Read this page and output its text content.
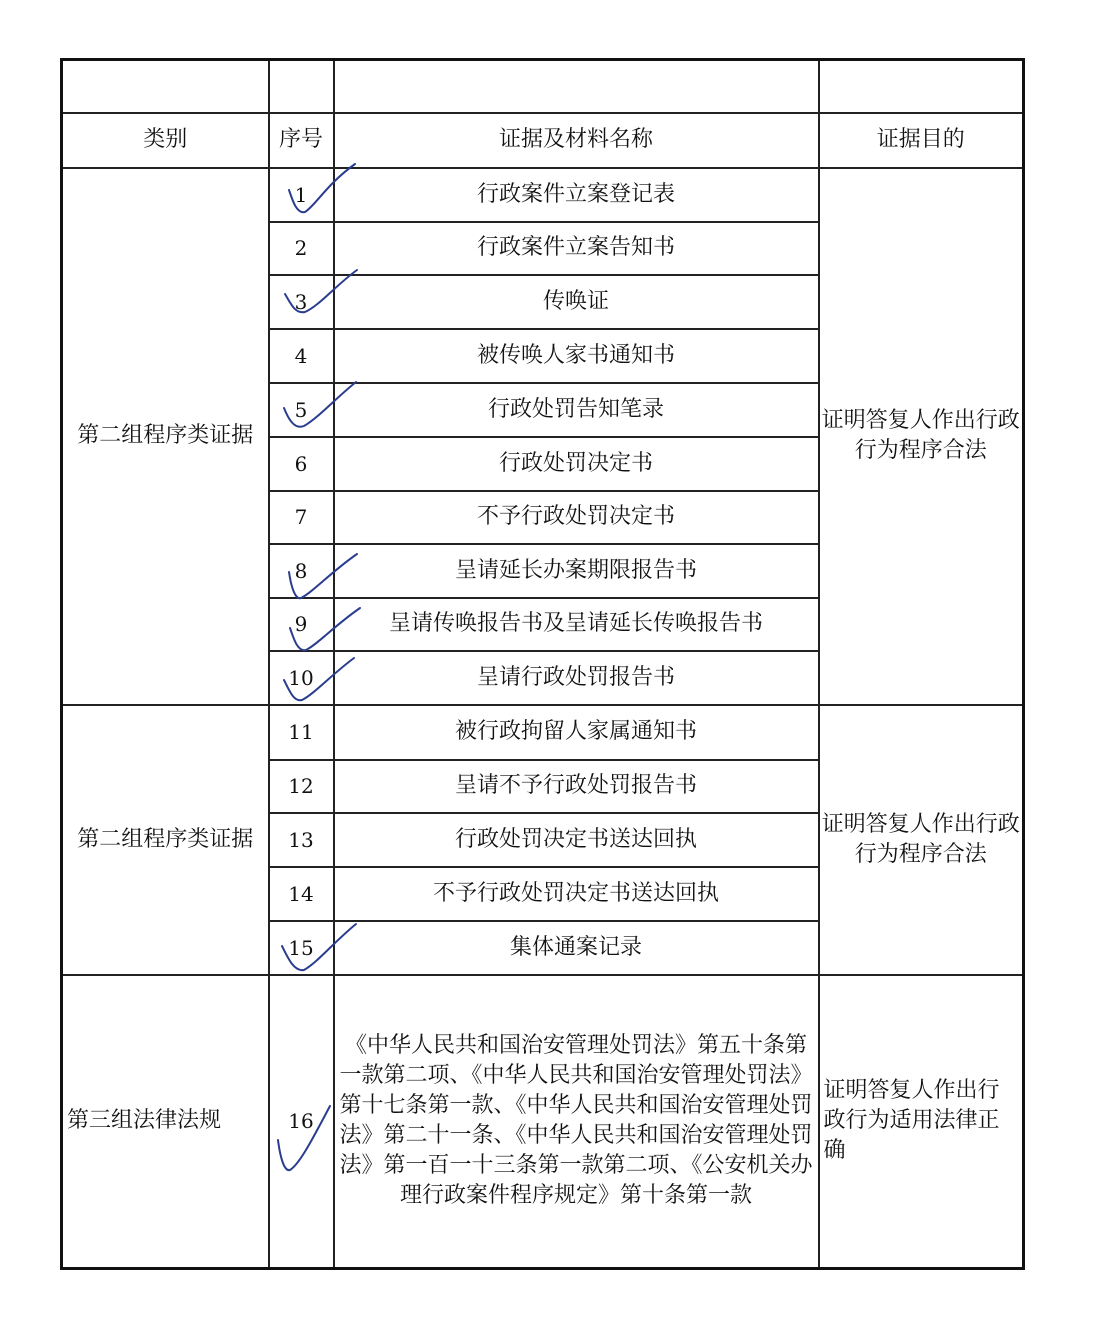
类别	序号	证据及材料名称	证据目的
第二组程序类证据	1	行政案件立案登记表	证明答复人作出行政行为程序合法
	2	行政案件立案告知书	
	3	传唤证	
	4	被传唤人家书通知书	
	5	行政处罚告知笔录	
	6	行政处罚决定书	
	7	不予行政处罚决定书	
	8	呈请延长办案期限报告书	
	9	呈请传唤报告书及呈请延长传唤报告书	
	10	呈请行政处罚报告书	
第二组程序类证据	11	被行政拘留人家属通知书	证明答复人作出行政行为程序合法
	12	呈请不予行政处罚报告书	
	13	行政处罚决定书送达回执	
	14	不予行政处罚决定书送达回执	
	15	集体通案记录	
第三组法律法规	16	《中华人民共和国治安管理处罚法》第五十条第一款第二项、《中华人民共和国治安管理处罚法》第十七条第一款、《中华人民共和国治安管理处罚法》第二十一条、《中华人民共和国治安管理处罚法》第一百一十三条第一款第二项、《公安机关办理行政案件程序规定》第十条第一款	证明答复人作出行政行为适用法律正确
